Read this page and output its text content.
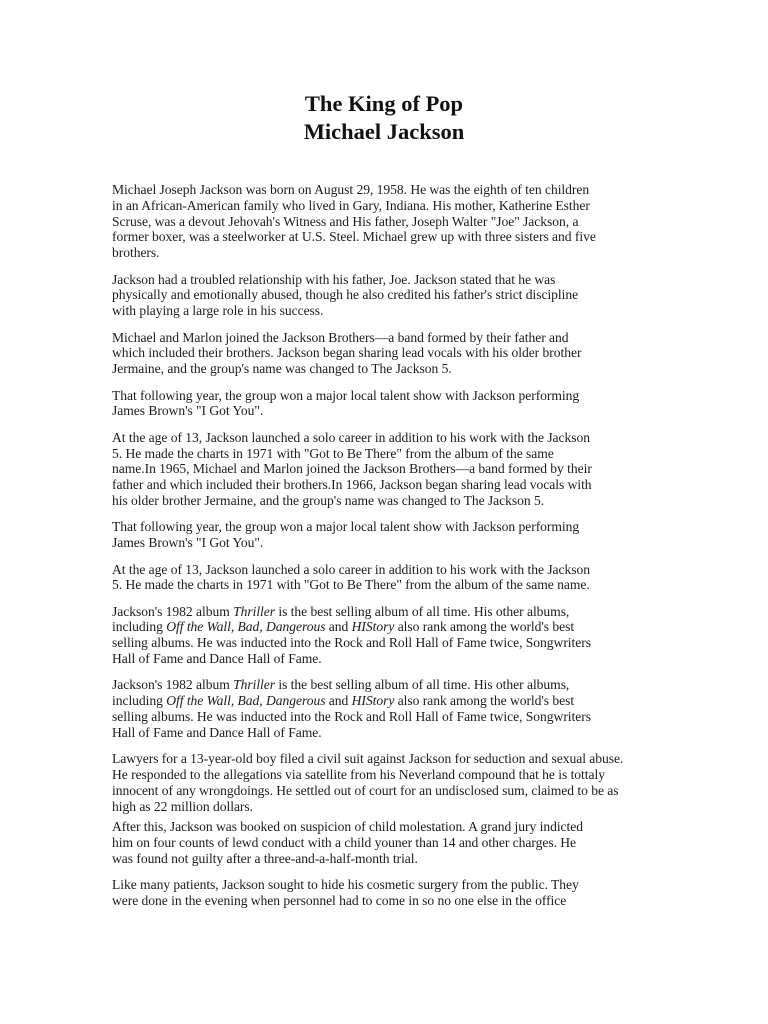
The King of Pop
Michael Jackson
Michael Joseph Jackson was born on August 29, 1958. He was the eighth of ten children
in an African-American family who lived in Gary, Indiana. His mother, Katherine Esther
Scruse, was a devout Jehovah's Witness and His father, Joseph Walter "Joe" Jackson, a
former boxer, was a steelworker at U.S. Steel. Michael grew up with three sisters and five
brothers.
Jackson had a troubled relationship with his father, Joe. Jackson stated that he was
physically and emotionally abused, though he also credited his father's strict discipline
with playing a large role in his success.
Michael and Marlon joined the Jackson Brothers—a band formed by their father and
which included their brothers. Jackson began sharing lead vocals with his older brother
Jermaine, and the group's name was changed to The Jackson 5.
That following year, the group won a major local talent show with Jackson performing
James Brown's "I Got You".
At the age of 13, Jackson launched a solo career in addition to his work with the Jackson
5. He made the charts in 1971 with "Got to Be There" from the album of the same
name.In 1965, Michael and Marlon joined the Jackson Brothers—a band formed by their
father and which included their brothers.In 1966, Jackson began sharing lead vocals with
his older brother Jermaine, and the group's name was changed to The Jackson 5.
That following year, the group won a major local talent show with Jackson performing
James Brown's "I Got You".
At the age of 13, Jackson launched a solo career in addition to his work with the Jackson
5. He made the charts in 1971 with "Got to Be There" from the album of the same name.
Jackson's 1982 album Thriller is the best selling album of all time. His other albums,
including Off the Wall, Bad, Dangerous and HIStory also rank among the world's best
selling albums. He was inducted into the Rock and Roll Hall of Fame twice, Songwriters
Hall of Fame and Dance Hall of Fame.
Jackson's 1982 album Thriller is the best selling album of all time. His other albums,
including Off the Wall, Bad, Dangerous and HIStory also rank among the world's best
selling albums. He was inducted into the Rock and Roll Hall of Fame twice, Songwriters
Hall of Fame and Dance Hall of Fame.
Lawyers for a 13-year-old boy filed a civil suit against Jackson for seduction and sexual abuse.
He responded to the allegations via satellite from his Neverland compound that he is tottaly
innocent of any wrongdoings. He settled out of court for an undisclosed sum, claimed to be as
high as 22 million dollars.
After this, Jackson was booked on suspicion of child molestation. A grand jury indicted
him on four counts of lewd conduct with a child youner than 14 and other charges. He
was found not guilty after a three-and-a-half-month trial.
Like many patients, Jackson sought to hide his cosmetic surgery from the public. They
were done in the evening when personnel had to come in so no one else in the office
